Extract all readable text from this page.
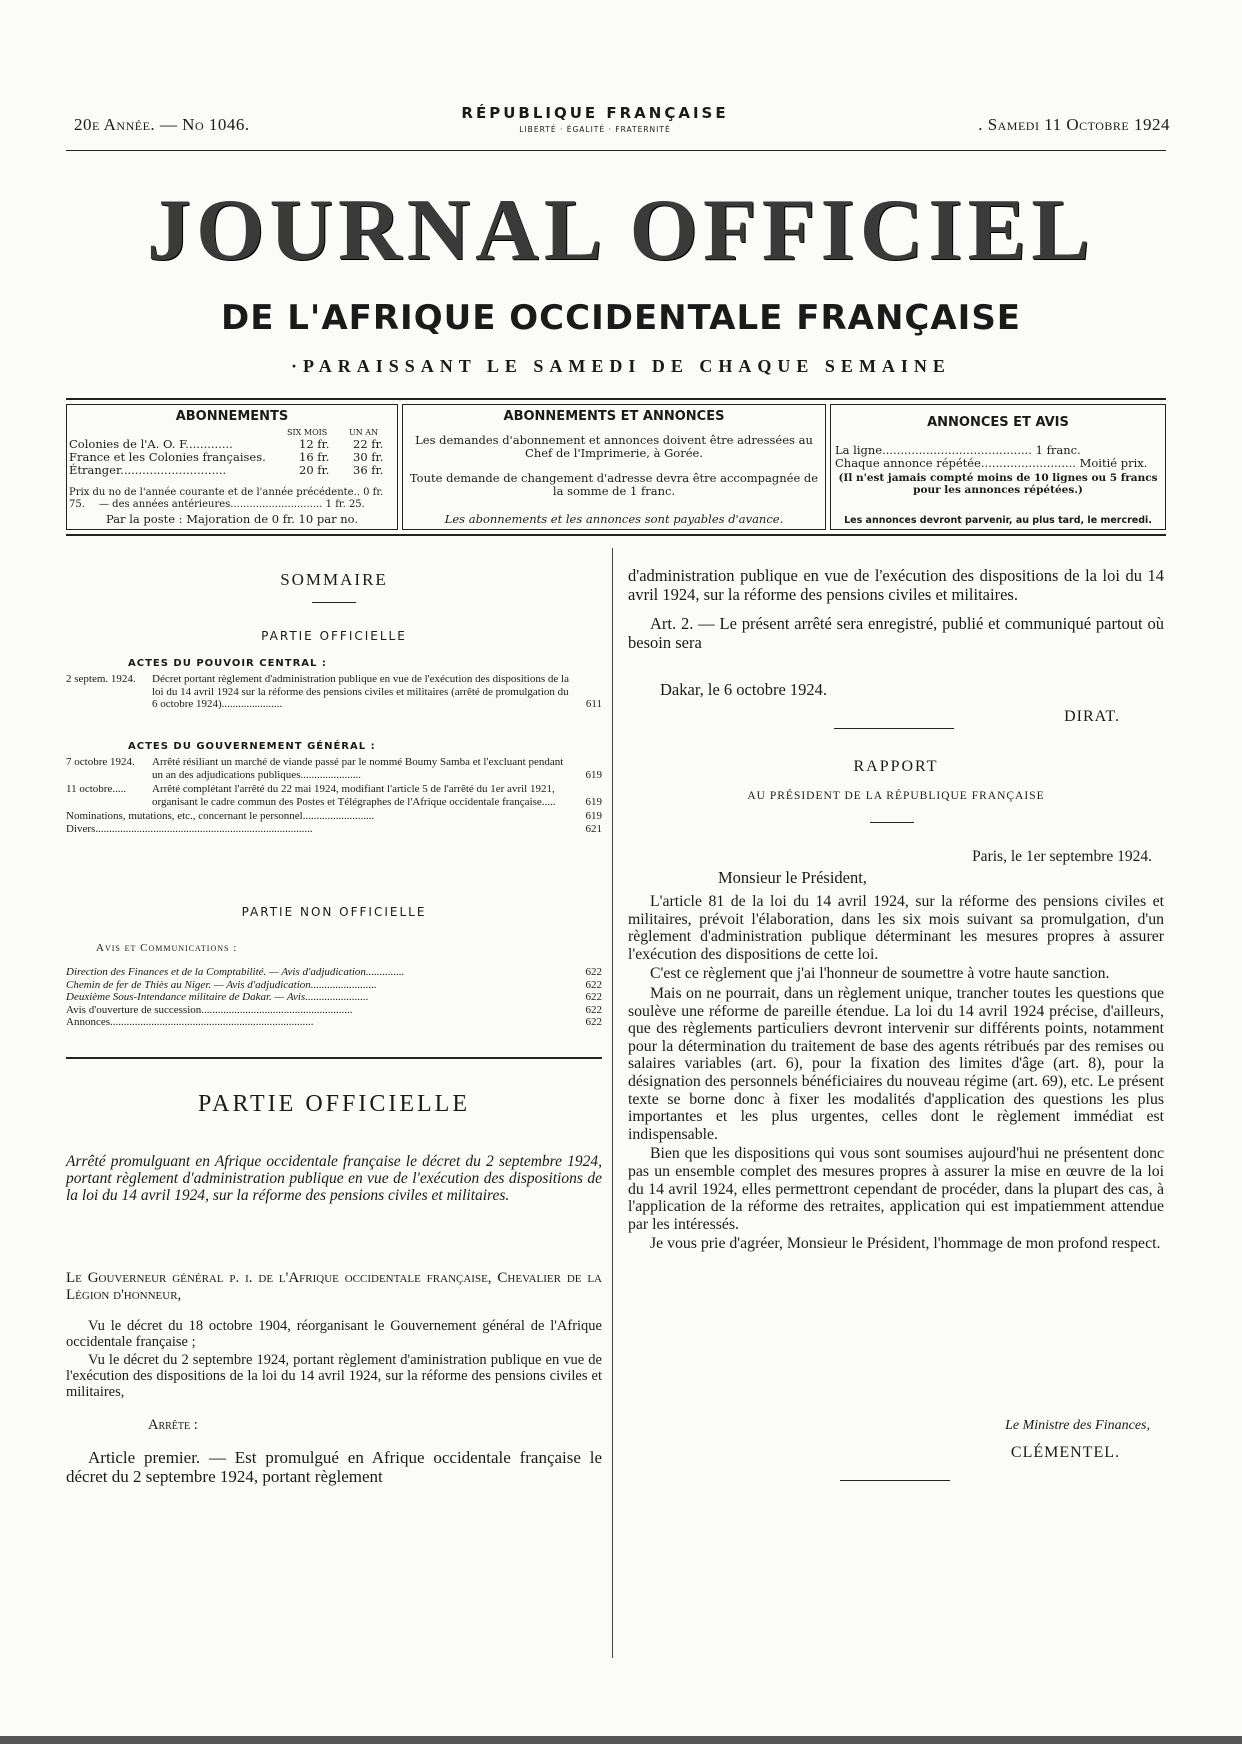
20e Année. — No 1046.
RÉPUBLIQUE FRANÇAISE
LIBERTÉ · ÉGALITÉ · FRATERNITÉ	. Samedi 11 Octobre 1924
JOURNAL OFFICIEL
DE L'AFRIQUE OCCIDENTALE FRANÇAISE
·PARAISSANT LE SAMEDI DE CHAQUE SEMAINE
ABONNEMENTS
SIX MOIS	UN AN
Colonies de l'A. O. F.............	12 fr.	22 fr.
France et les Colonies françaises.	16 fr.	30 fr.
Étranger.............................	20 fr.	36 fr.
Prix du no de l'année courante et de l'année précédente.. 0 fr. 75.	— des années antérieures............................. 1 fr. 25.
Par la poste : Majoration de 0 fr. 10 par no.
ABONNEMENTS ET ANNONCES
Les demandes d'abonnement et annonces doivent être adressées au Chef de l'Imprimerie, à Gorée.
Toute demande de changement d'adresse devra être accompagnée de la somme de 1 franc.
Les abonnements et les annonces sont payables d'avance.
ANNONCES ET AVIS
La ligne......................................... 1 franc.
Chaque annonce répétée.......................... Moitié prix.
(Il n'est jamais compté moins de 10 lignes ou 5 francs pour les annonces répétées.)
Les annonces devront parvenir, au plus tard, le mercredi.
SOMMAIRE
PARTIE OFFICIELLE
ACTES DU POUVOIR CENTRAL :
2 septem. 1924.	Décret portant règlement d'administration publique en vue de l'exécution des dispositions de la loi du 14 avril 1924 sur la réforme des pensions civiles et militaires (arrêté de promulgation du 6 octobre 1924)......................	611
ACTES DU GOUVERNEMENT GÉNÉRAL :
7 octobre 1924.	Arrêté résiliant un marché de viande passé par le nommé Boumy Samba et l'excluant pendant un an des adjudications publiques......................	619
11 octobre.....	Arrêté complétant l'arrêté du 22 mai 1924, modifiant l'article 5 de l'arrêté du 1er avril 1921, organisant le cadre commun des Postes et Télégraphes de l'Afrique occidentale française.....	619
Nominations, mutations, etc., concernant le personnel..........................	619
Divers...............................................................................	621
PARTIE NON OFFICIELLE
Avis et Communications :
Direction des Finances et de la Comptabilité. — Avis d'adjudication..............	622
Chemin de fer de Thiès au Niger. — Avis d'adjudication........................	622
Deuxième Sous-Intendance militaire de Dakar. — Avis.......................	622
Avis d'ouverture de succession.......................................................	622
Annonces..........................................................................	622
PARTIE OFFICIELLE
Arrêté promulguant en Afrique occidentale française le décret du 2 septembre 1924, portant règlement d'administration publique en vue de l'exécution des dispositions de la loi du 14 avril 1924, sur la réforme des pensions civiles et militaires.
Le Gouverneur général p. i. de l'Afrique occidentale française, Chevalier de la Légion d'honneur,

Vu le décret du 18 octobre 1904, réorganisant le Gouvernement général de l'Afrique occidentale française ;

Vu le décret du 2 septembre 1924, portant règlement d'aministration publique en vue de l'exécution des dispositions de la loi du 14 avril 1924, sur la réforme des pensions civiles et militaires,

Arrête :

Article premier. — Est promulgué en Afrique occidentale française le décret du 2 septembre 1924, portant règlement

d'administration publique en vue de l'exécution des dispositions de la loi du 14 avril 1924, sur la réforme des pensions civiles et militaires.

Art. 2. — Le présent arrêté sera enregistré, publié et communiqué partout où besoin sera

Dakar, le 6 octobre 1924.
DIRAT.
RAPPORT
AU PRÉSIDENT DE LA RÉPUBLIQUE FRANÇAISE
Paris, le 1er septembre 1924.
Monsieur le Président,

L'article 81 de la loi du 14 avril 1924, sur la réforme des pensions civiles et militaires, prévoit l'élaboration, dans les six mois suivant sa promulgation, d'un règlement d'administration publique déterminant les mesures propres à assurer l'exécution des dispositions de cette loi.

C'est ce règlement que j'ai l'honneur de soumettre à votre haute sanction.

Mais on ne pourrait, dans un règlement unique, trancher toutes les questions que soulève une réforme de pareille étendue. La loi du 14 avril 1924 précise, d'ailleurs, que des règlements particuliers devront intervenir sur différents points, notamment pour la détermination du traitement de base des agents rétribués par des remises ou salaires variables (art. 6), pour la fixation des limites d'âge (art. 8), pour la désignation des personnels bénéficiaires du nouveau régime (art. 69), etc. Le présent texte se borne donc à fixer les modalités d'application des questions les plus importantes et les plus urgentes, celles dont le règlement immédiat est indispensable.

Bien que les dispositions qui vous sont soumises aujourd'hui ne présentent donc pas un ensemble complet des mesures propres à assurer la mise en œuvre de la loi du 14 avril 1924, elles permettront cependant de procéder, dans la plupart des cas, à l'application de la réforme des retraites, application qui est impatiemment attendue par les intéressés.

Je vous prie d'agréer, Monsieur le Président, l'hommage de mon profond respect.

Le Ministre des Finances,
CLÉMENTEL.
